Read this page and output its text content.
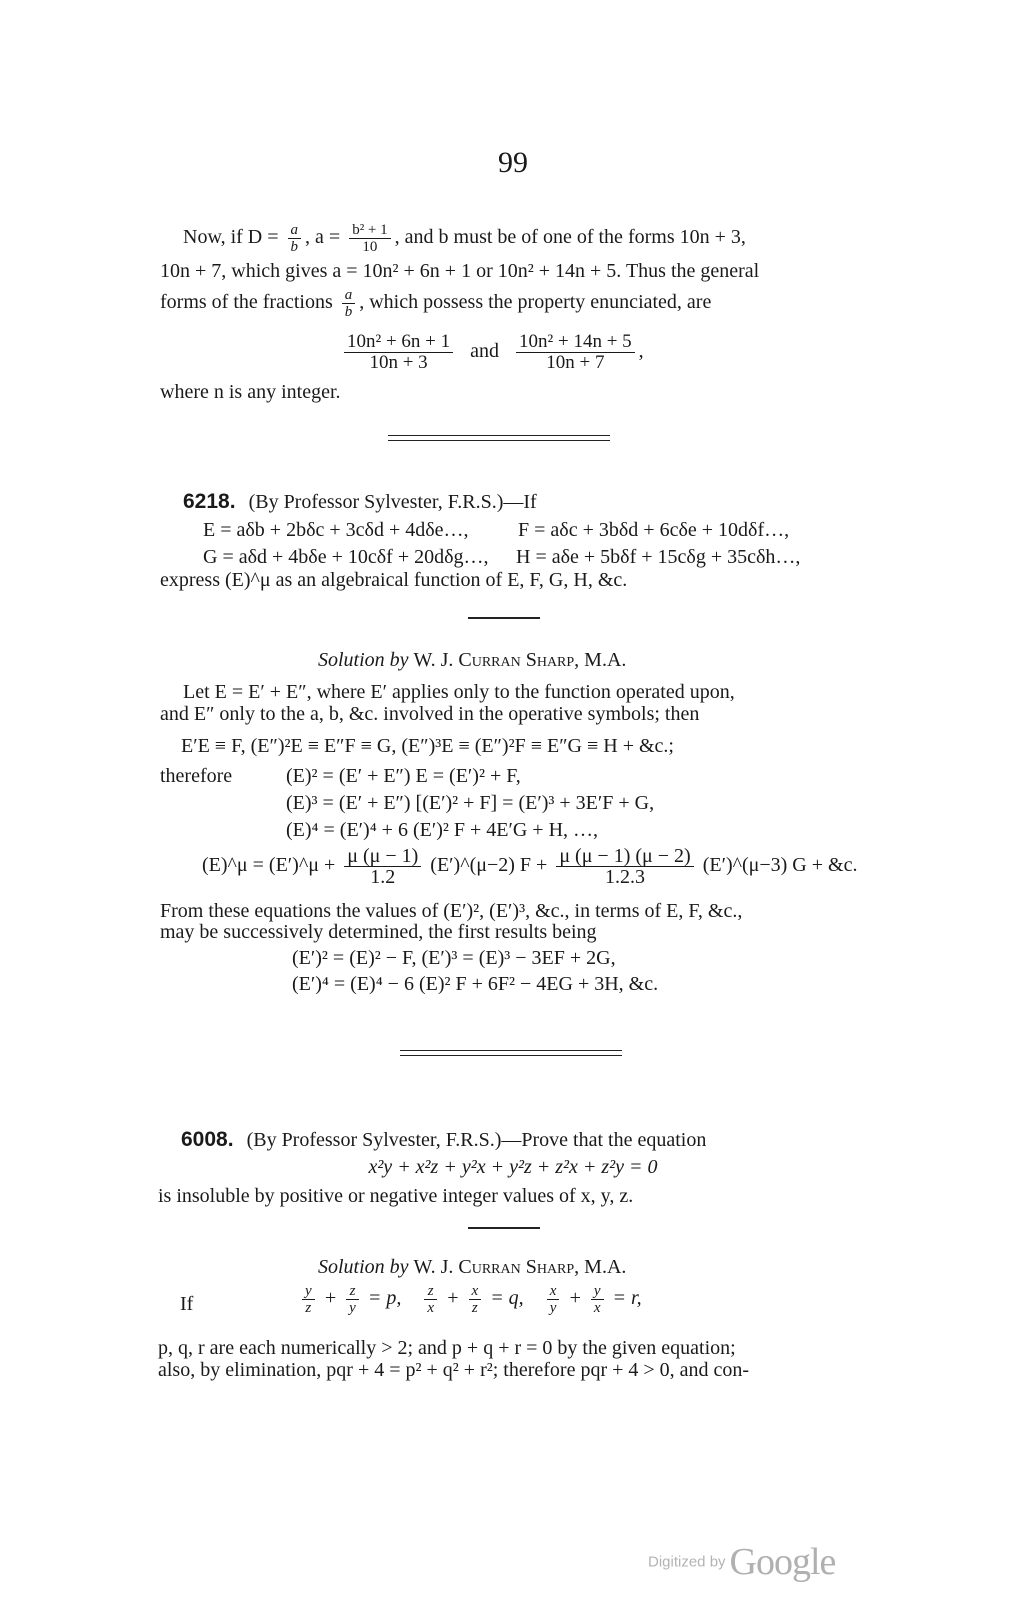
99
Now, if $D = \frac{a}{b}$ , $a = \frac{\text{b² + 1}}{10}$ , and b must be of one of the forms 10n + 3,
10n + 7, which gives a = 10n² + 6n + 1 or 10n² + 14n + 5. Thus the general
forms of the fractions $\frac{a}{b}$ , which possess the property enunciated, are
$\frac{\text{10n² + 6n + 1}}{10n + 3}$ and $\frac{\text{10n² + 14n + 5}}{10n + 7}$ ,
where n is any integer.
6218. (By Professor Sylvester, F.R.S.)—If
E = aδb + 2bδc + 3cδd + 4dδe…, F = aδc + 3bδd + 6cδe + 10dδf…,
G = aδd + 4bδe + 10cδf + 20dδg…, H = aδe + 5bδf + 15cδg + 35cδh…,
express (E)^μ as an algebraical function of E, F, G, H, &c.
Solution by W. J. Curran Sharp, M.A.
Let E = E′ + E″, where E′ applies only to the function operated upon,
and E″ only to the a, b, &c. involved in the operative symbols; then
E′E ≡ F, (E″)²E ≡ E″F ≡ G, (E″)³E ≡ (E″)²F ≡ E″G ≡ H + &c.;
therefore	(E)² = (E′ + E″) E = (E′)² + F,
(E)³ = (E′ + E″) [(E′)² + F] = (E′)³ + 3E′F + G,
(E)⁴ = (E′)⁴ + 6 (E′)² F + 4E′G + H, …,
(E)^μ = (E′)^μ + $\frac{\mu (\mu - 1)}{1.2}$ (E′)^(μ−2) $F + \frac{\mu (\mu - 1) (\mu - 2)}{1.2.3}$ (E′)^(μ−3) G + &c.
From these equations the values of (E′)², (E′)³, &c., in terms of E, F, &c.,
may be successively determined, the first results being
(E′)² = (E)² − F, (E′)³ = (E)³ − 3EF + 2G,
(E′)⁴ = (E)⁴ − 6 (E)² F + 6F² − 4EG + 3H, &c.
6008. (By Professor Sylvester, F.R.S.)—Prove that the equation
x²y + x²z + y²x + y²z + z²x + z²y = 0
is insoluble by positive or negative integer values of x, y, z.
Solution by W. J. Curran Sharp, M.A.
If	$\frac{y}{z} + \frac{z}{y} = p$, $\frac{z}{x} + \frac{x}{z} = q$, $\frac{x}{y} + \frac{y}{x} = r$,
p, q, r are each numerically > 2; and p + q + r = 0 by the given equation;
also, by elimination, pqr + 4 = p² + q² + r²; therefore pqr + 4 > 0, and con-
Digitized by Google
